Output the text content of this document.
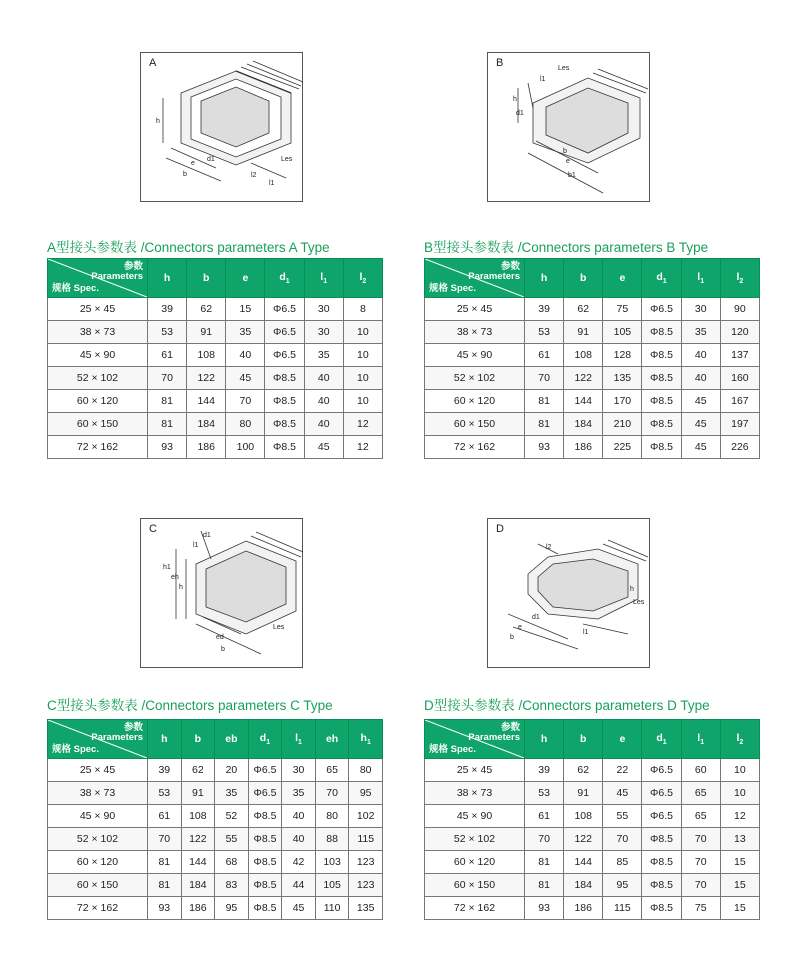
A
h
e
b
d1
l2
l1
Les
B
h
d1
Les
l1
b
e
b1
A型接头参数表 /Connectors parameters A Type
参数
Parameters
规格 Spec.	h	b	e	$d_1$	$l_1$	$l_2$
25 × 45	39	62	15	Φ6.5	30	8
38 × 73	53	91	35	Φ6.5	30	10
45 × 90	61	108	40	Φ6.5	35	10
52 × 102	70	122	45	Φ8.5	40	10
60 × 120	81	144	70	Φ8.5	40	10
60 × 150	81	184	80	Φ8.5	40	12
72 × 162	93	186	100	Φ8.5	45	12
B型接头参数表 /Connectors parameters B Type
参数
Parameters
规格 Spec.	h	b	e	$d_1$	$l_1$	$l_2$
25 × 45	39	62	75	Φ6.5	30	90
38 × 73	53	91	105	Φ8.5	35	120
45 × 90	61	108	128	Φ8.5	40	137
52 × 102	70	122	135	Φ8.5	40	160
60 × 120	81	144	170	Φ8.5	45	167
60 × 150	81	184	210	Φ8.5	45	197
72 × 162	93	186	225	Φ8.5	45	226
C
h1
eh
h
d1
l1
ed
b
Les
D
l2
d1
e
b
l1
h
Les
C型接头参数表 /Connectors parameters C Type
参数
Parameters
规格 Spec.	h	b	eb	$d_1$	$l_1$	eh	$h_1$
25 × 45	39	62	20	Φ6.5	30	65	80
38 × 73	53	91	35	Φ6.5	35	70	95
45 × 90	61	108	52	Φ8.5	40	80	102
52 × 102	70	122	55	Φ8.5	40	88	115
60 × 120	81	144	68	Φ8.5	42	103	123
60 × 150	81	184	83	Φ8.5	44	105	123
72 × 162	93	186	95	Φ8.5	45	110	135
D型接头参数表 /Connectors parameters D Type
参数
Parameters
规格 Spec.	h	b	e	$d_1$	$l_1$	$l_2$
25 × 45	39	62	22	Φ6.5	60	10
38 × 73	53	91	45	Φ6.5	65	10
45 × 90	61	108	55	Φ6.5	65	12
52 × 102	70	122	70	Φ8.5	70	13
60 × 120	81	144	85	Φ8.5	70	15
60 × 150	81	184	95	Φ8.5	70	15
72 × 162	93	186	115	Φ8.5	75	15
